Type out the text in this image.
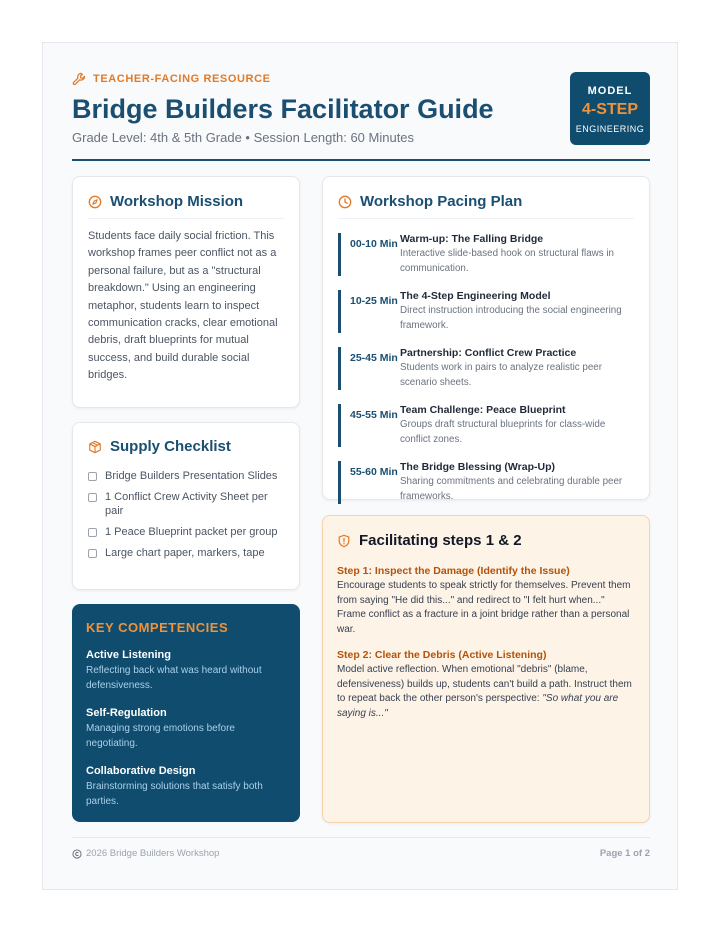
TEACHER-FACING RESOURCE
Bridge Builders Facilitator Guide
Grade Level: 4th & 5th Grade • Session Length: 60 Minutes
MODEL
4-STEP
ENGINEERING
Workshop Mission

Students face daily social friction. This workshop frames peer conflict not as a personal failure, but as a "structural breakdown." Using an engineering metaphor, students learn to inspect communication cracks, clear emotional debris, draft blueprints for mutual success, and build durable social bridges.

Supply Checklist
Bridge Builders Presentation Slides
1 Conflict Crew Activity Sheet per pair
1 Peace Blueprint packet per group
Large chart paper, markers, tape
KEY COMPETENCIES
Active Listening
Reflecting back what was heard without defensiveness.
Self-Regulation
Managing strong emotions before negotiating.
Collaborative Design
Brainstorming solutions that satisfy both parties.
Workshop Pacing Plan
00-10 Min Warm-up: The Falling Bridge
Interactive slide-based hook on structural flaws in communication.
10-25 Min The 4-Step Engineering Model
Direct instruction introducing the social engineering framework.
25-45 Min Partnership: Conflict Crew Practice
Students work in pairs to analyze realistic peer scenario sheets.
45-55 Min Team Challenge: Peace Blueprint
Groups draft structural blueprints for class-wide conflict zones.
55-60 Min The Bridge Blessing (Wrap-Up)
Sharing commitments and celebrating durable peer frameworks.
Facilitating steps 1 & 2
Step 1: Inspect the Damage (Identify the Issue)
Encourage students to speak strictly for themselves. Prevent them from saying "He did this..." and redirect to "I felt hurt when..." Frame conflict as a fracture in a joint bridge rather than a personal war.
Step 2: Clear the Debris (Active Listening)
Model active reflection. When emotional "debris" (blame, defensiveness) builds up, students can't build a path. Instruct them to repeat back the other person's perspective: "So what you are saying is..."
2026 Bridge Builders Workshop	Page 1 of 2
